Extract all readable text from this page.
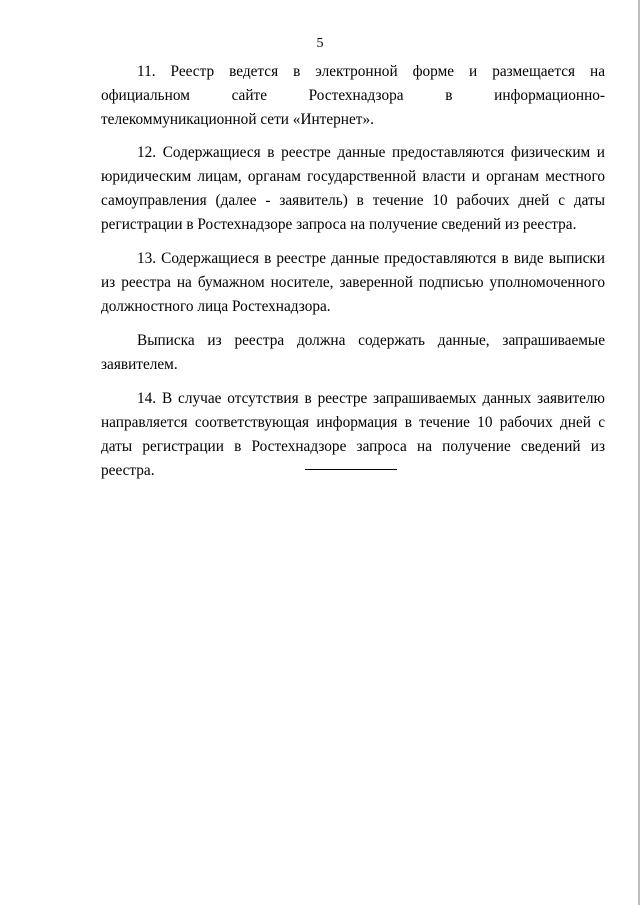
5

11. Реестр ведется в электронной форме и размещается на официальном сайте Ростехнадзора в информационно-телекоммуникационной сети «Интернет».

12. Содержащиеся в реестре данные предоставляются физическим и юридическим лицам, органам государственной власти и органам местного самоуправления (далее - заявитель) в течение 10 рабочих дней с даты регистрации в Ростехнадзоре запроса на получение сведений из реестра.

13. Содержащиеся в реестре данные предоставляются в виде выписки из реестра на бумажном носителе, заверенной подписью уполномоченного должностного лица Ростехнадзора.

Выписка из реестра должна содержать данные, запрашиваемые заявителем.

14. В случае отсутствия в реестре запрашиваемых данных заявителю направляется соответствующая информация в течение 10 рабочих дней с даты регистрации в Ростехнадзоре запроса на получение сведений из реестра.
